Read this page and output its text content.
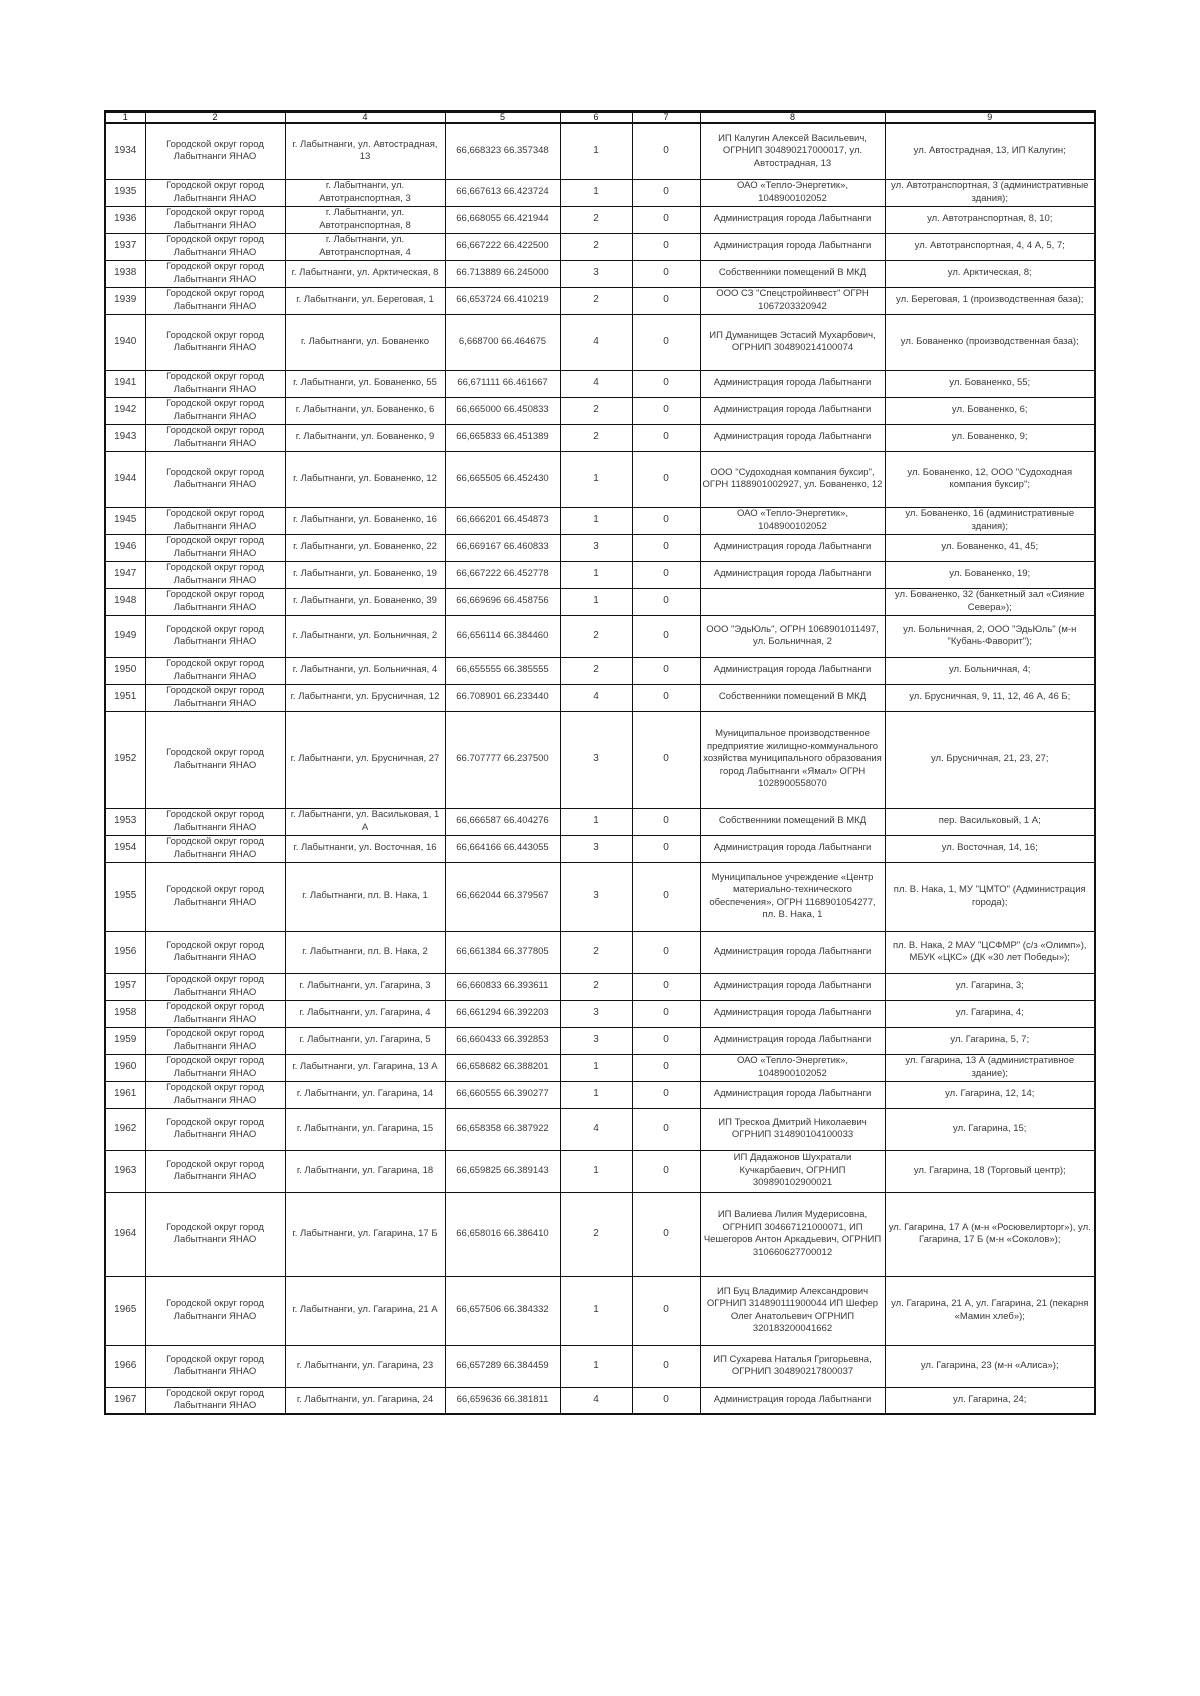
1	2	4	5	6	7	8	9
1934	Городской округ город Лабытнанги ЯНАО	г. Лабытнанги, ул. Автострадная, 13	66,668323 66.357348	1	0	ИП Калугин Алексей Васильевич, ОГРНИП 304890217000017, ул. Автострадная, 13	ул. Автострадная, 13, ИП Калугин;
1935	Городской округ город Лабытнанги ЯНАО	г. Лабытнанги, ул. Автотранспортная, 3	66,667613 66.423724	1	0	ОАО «Тепло-Энергетик», 1048900102052	ул. Автотранспортная, 3 (административные здания);
1936	Городской округ город Лабытнанги ЯНАО	г. Лабытнанги, ул. Автотранспортная, 8	66,668055 66.421944	2	0	Администрация города Лабытнанги	ул. Автотранспортная, 8, 10;
1937	Городской округ город Лабытнанги ЯНАО	г. Лабытнанги, ул. Автотранспортная, 4	66,667222 66.422500	2	0	Администрация города Лабытнанги	ул. Автотранспортная, 4, 4 А, 5, 7;
1938	Городской округ город Лабытнанги ЯНАО	г. Лабытнанги, ул. Арктическая, 8	66.713889 66.245000	3	0	Собственники помещений В МКД	ул. Арктическая, 8;
1939	Городской округ город Лабытнанги ЯНАО	г. Лабытнанги, ул. Береговая, 1	66,653724 66.410219	2	0	ООО СЗ "Спецстройинвест" ОГРН 1067203320942	ул. Береговая, 1 (производственная база);
1940	Городской округ город Лабытнанги ЯНАО	г. Лабытнанги, ул. Бованенко	6,668700 66.464675	4	0	ИП Думанищев Эстасий Мухарбович, ОГРНИП 304890214100074	ул. Бованенко (производственная база);
1941	Городской округ город Лабытнанги ЯНАО	г. Лабытнанги, ул. Бованенко, 55	66,671111 66.461667	4	0	Администрация города Лабытнанги	ул. Бованенко, 55;
1942	Городской округ город Лабытнанги ЯНАО	г. Лабытнанги, ул. Бованенко, 6	66,665000 66.450833	2	0	Администрация города Лабытнанги	ул. Бованенко, 6;
1943	Городской округ город Лабытнанги ЯНАО	г. Лабытнанги, ул. Бованенко, 9	66,665833 66.451389	2	0	Администрация города Лабытнанги	ул. Бованенко, 9;
1944	Городской округ город Лабытнанги ЯНАО	г. Лабытнанги, ул. Бованенко, 12	66,665505 66.452430	1	0	ООО "Судоходная компания буксир", ОГРН 1188901002927, ул. Бованенко, 12	ул. Бованенко, 12, ООО "Судоходная компания буксир";
1945	Городской округ город Лабытнанги ЯНАО	г. Лабытнанги, ул. Бованенко, 16	66,666201 66.454873	1	0	ОАО «Тепло-Энергетик», 1048900102052	ул. Бованенко, 16 (административные здания);
1946	Городской округ город Лабытнанги ЯНАО	г. Лабытнанги, ул. Бованенко, 22	66,669167 66.460833	3	0	Администрация города Лабытнанги	ул. Бованенко, 41, 45;
1947	Городской округ город Лабытнанги ЯНАО	г. Лабытнанги, ул. Бованенко, 19	66,667222 66.452778	1	0	Администрация города Лабытнанги	ул. Бованенко, 19;
1948	Городской округ город Лабытнанги ЯНАО	г. Лабытнанги, ул. Бованенко, 39	66,669696 66.458756	1	0		ул. Бованенко, 32 (банкетный зал «Сияние Севера»);
1949	Городской округ город Лабытнанги ЯНАО	г. Лабытнанги, ул. Больничная, 2	66,656114 66.384460	2	0	ООО "ЭдьЮль", ОГРН 1068901011497, ул. Больничная, 2	ул. Больничная, 2, ООО "ЭдьЮль" (м-н "Кубань-Фаворит");
1950	Городской округ город Лабытнанги ЯНАО	г. Лабытнанги, ул. Больничная, 4	66,655555 66.385555	2	0	Администрация города Лабытнанги	ул. Больничная, 4;
1951	Городской округ город Лабытнанги ЯНАО	г. Лабытнанги, ул. Брусничная, 12	66.708901 66.233440	4	0	Собственники помещений В МКД	ул. Брусничная, 9, 11, 12, 46 А, 46 Б;
1952	Городской округ город Лабытнанги ЯНАО	г. Лабытнанги, ул. Брусничная, 27	66.707777 66.237500	3	0	Муниципальное производственное предприятие жилищно-коммунального хозяйства муниципального образования город Лабытнанги «Ямал» ОГРН 1028900558070	ул. Брусничная, 21, 23, 27;
1953	Городской округ город Лабытнанги ЯНАО	г. Лабытнанги, ул. Васильковая, 1 А	66,666587 66.404276	1	0	Собственники помещений В МКД	пер. Васильковый, 1 А;
1954	Городской округ город Лабытнанги ЯНАО	г. Лабытнанги, ул. Восточная, 16	66,664166 66.443055	3	0	Администрация города Лабытнанги	ул. Восточная, 14, 16;
1955	Городской округ город Лабытнанги ЯНАО	г. Лабытнанги, пл. В. Нака, 1	66,662044 66.379567	3	0	Муниципальное учреждение «Центр материально-технического обеспечения», ОГРН 1168901054277, пл. В. Нака, 1	пл. В. Нака, 1, МУ "ЦМТО" (Администрация города);
1956	Городской округ город Лабытнанги ЯНАО	г. Лабытнанги, пл. В. Нака, 2	66,661384 66.377805	2	0	Администрация города Лабытнанги	пл. В. Нака, 2 МАУ "ЦСФМР" (с/з «Олимп»), МБУК «ЦКС» (ДК «30 лет Победы»);
1957	Городской округ город Лабытнанги ЯНАО	г. Лабытнанги, ул. Гагарина, 3	66,660833 66.393611	2	0	Администрация города Лабытнанги	ул. Гагарина, 3;
1958	Городской округ город Лабытнанги ЯНАО	г. Лабытнанги, ул. Гагарина, 4	66,661294 66.392203	3	0	Администрация города Лабытнанги	ул. Гагарина, 4;
1959	Городской округ город Лабытнанги ЯНАО	г. Лабытнанги, ул. Гагарина, 5	66,660433 66.392853	3	0	Администрация города Лабытнанги	ул. Гагарина, 5, 7;
1960	Городской округ город Лабытнанги ЯНАО	г. Лабытнанги, ул. Гагарина, 13 А	66,658682 66.388201	1	0	ОАО «Тепло-Энергетик», 1048900102052	ул. Гагарина, 13 А (административное здание);
1961	Городской округ город Лабытнанги ЯНАО	г. Лабытнанги, ул. Гагарина, 14	66,660555 66.390277	1	0	Администрация города Лабытнанги	ул. Гагарина, 12, 14;
1962	Городской округ город Лабытнанги ЯНАО	г. Лабытнанги, ул. Гагарина, 15	66,658358 66.387922	4	0	ИП Трескоа Дмитрий Николаевич ОГРНИП 314890104100033	ул. Гагарина, 15;
1963	Городской округ город Лабытнанги ЯНАО	г. Лабытнанги, ул. Гагарина, 18	66,659825 66.389143	1	0	ИП Дадажонов Шухратали Кучкарбаевич, ОГРНИП 309890102900021	ул. Гагарина, 18 (Торговый центр);
1964	Городской округ город Лабытнанги ЯНАО	г. Лабытнанги, ул. Гагарина, 17 Б	66,658016 66.386410	2	0	ИП Валиева Лилия Мудерисовна, ОГРНИП 304667121000071, ИП Чешегоров Антон Аркадьевич, ОГРНИП 310660627700012	ул. Гагарина, 17 А (м-н «Росювелирторг»), ул. Гагарина, 17 Б (м-н «Соколов»);
1965	Городской округ город Лабытнанги ЯНАО	г. Лабытнанги, ул. Гагарина, 21 А	66,657506 66.384332	1	0	ИП Буц Владимир Александрович ОГРНИП 314890111900044 ИП Шефер Олег Анатольевич ОГРНИП 320183200041662	ул. Гагарина, 21 А, ул. Гагарина, 21 (пекарня «Мамин хлеб»);
1966	Городской округ город Лабытнанги ЯНАО	г. Лабытнанги, ул. Гагарина, 23	66,657289 66.384459	1	0	ИП Сухарева Наталья Григорьевна, ОГРНИП 304890217800037	ул. Гагарина, 23 (м-н «Алиса»);
1967	Городской округ город Лабытнанги ЯНАО	г. Лабытнанги, ул. Гагарина, 24	66,659636 66.381811	4	0	Администрация города Лабытнанги	ул. Гагарина, 24;
